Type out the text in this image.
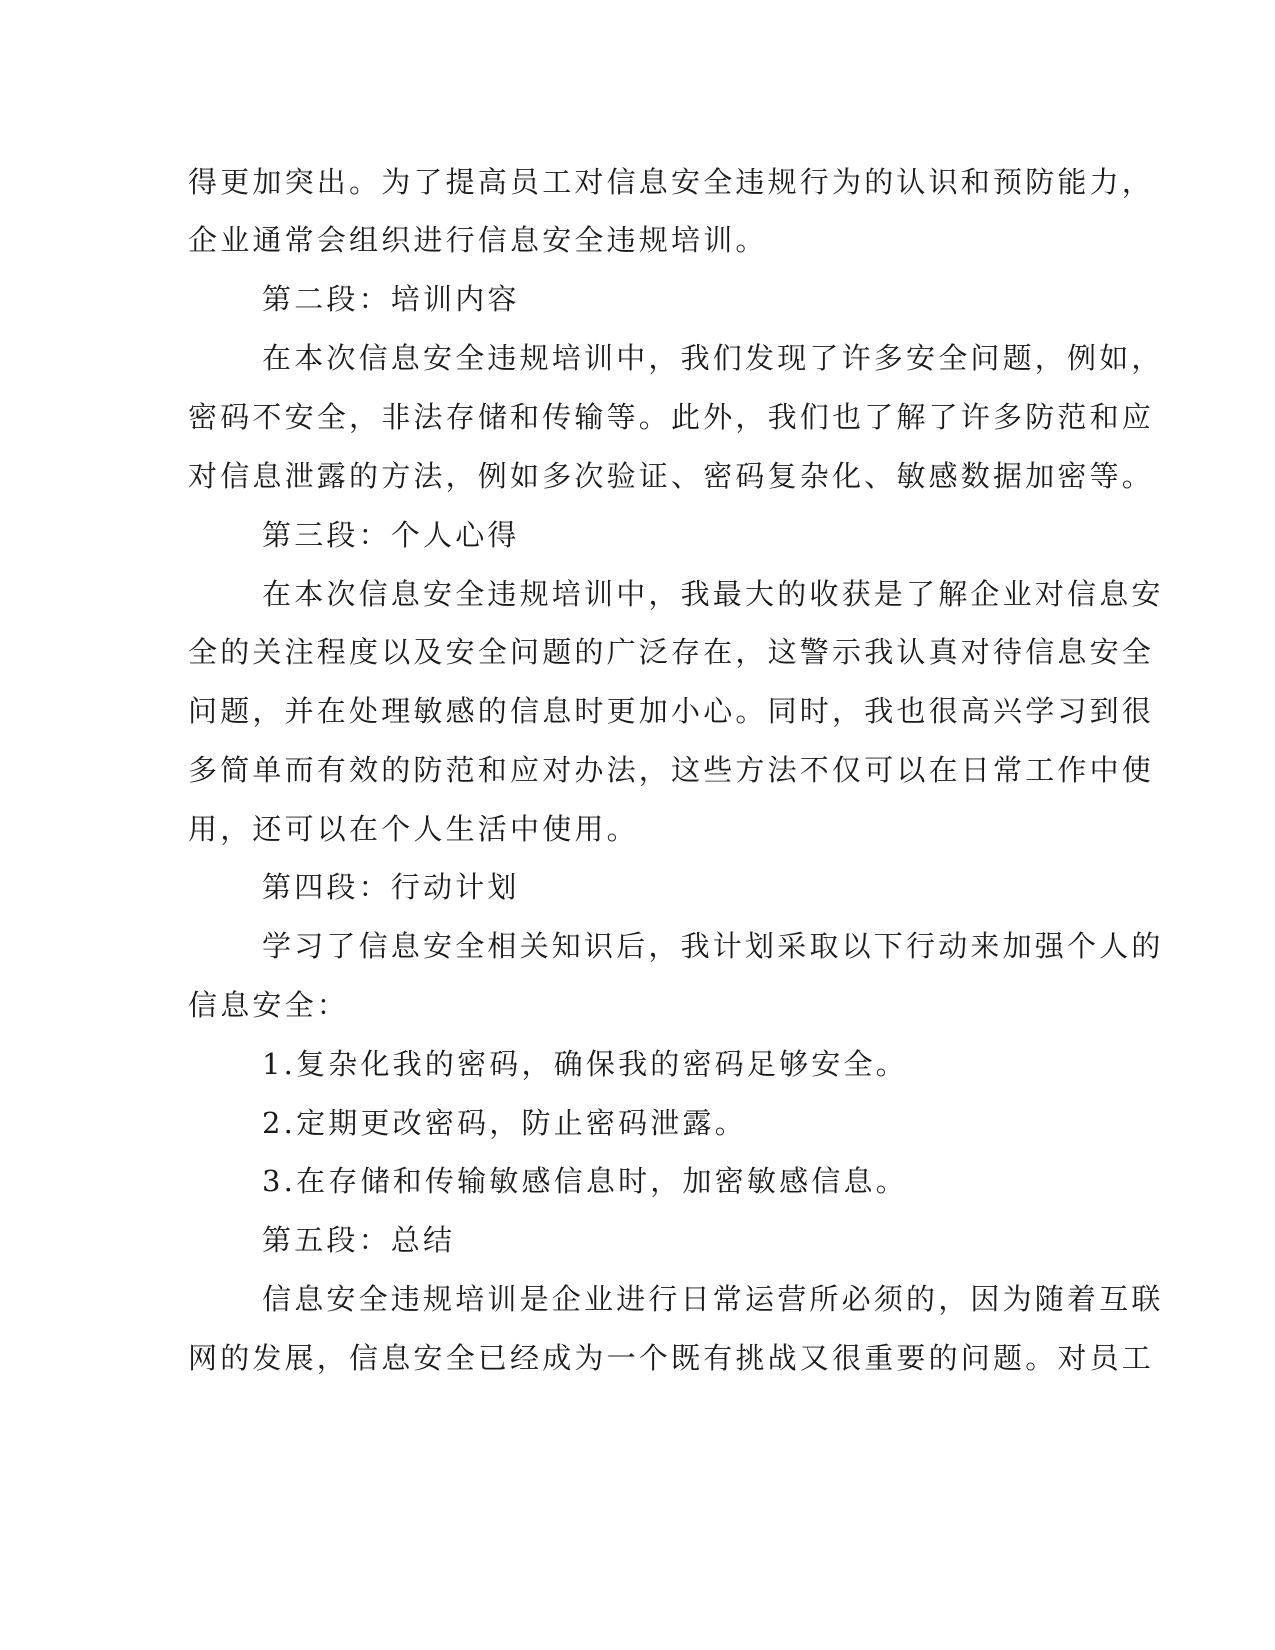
得更加突出。为了提高员工对信息安全违规行为的认识和预防能力，
企业通常会组织进行信息安全违规培训。
第二段：培训内容
在本次信息安全违规培训中，我们发现了许多安全问题，例如，
密码不安全，非法存储和传输等。此外，我们也了解了许多防范和应
对信息泄露的方法，例如多次验证、密码复杂化、敏感数据加密等。
第三段：个人心得
在本次信息安全违规培训中，我最大的收获是了解企业对信息安
全的关注程度以及安全问题的广泛存在，这警示我认真对待信息安全
问题，并在处理敏感的信息时更加小心。同时，我也很高兴学习到很
多简单而有效的防范和应对办法，这些方法不仅可以在日常工作中使
用，还可以在个人生活中使用。
第四段：行动计划
学习了信息安全相关知识后，我计划采取以下行动来加强个人的
信息安全：
1.复杂化我的密码，确保我的密码足够安全。
2.定期更改密码，防止密码泄露。
3.在存储和传输敏感信息时，加密敏感信息。
第五段：总结
信息安全违规培训是企业进行日常运营所必须的，因为随着互联
网的发展，信息安全已经成为一个既有挑战又很重要的问题。对员工
